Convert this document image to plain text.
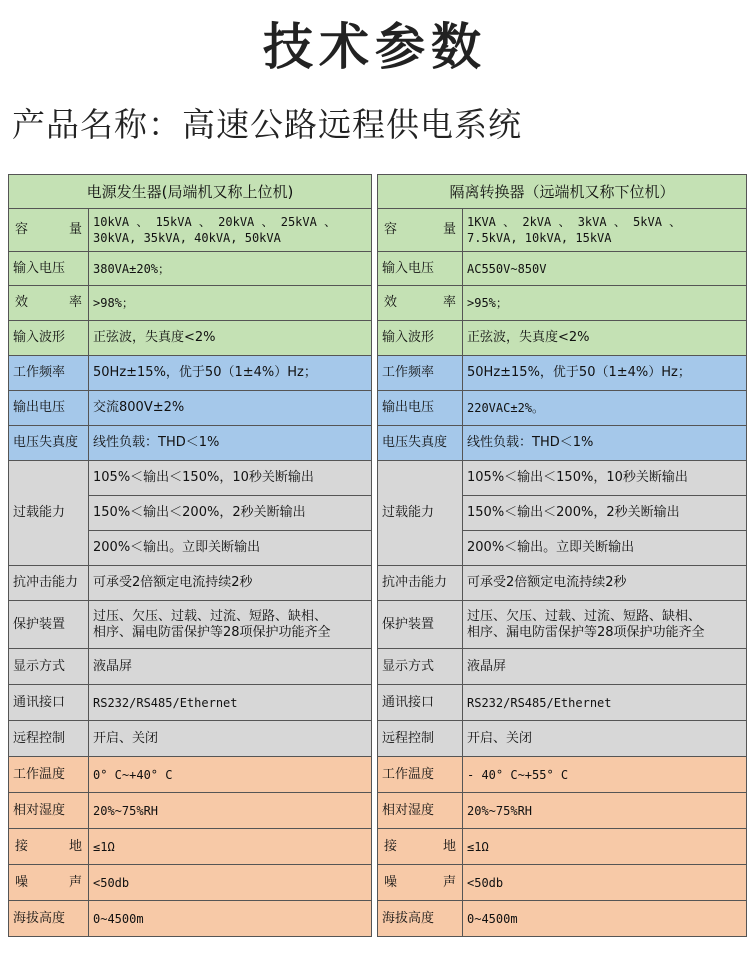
技术参数
产品名称：高速公路远程供电系统
电源发生器(局端机又称上位机)	
容　量	10kVA 、 15kVA 、 20kVA 、 25kVA 、
30kVA, 35kVA, 40kVA, 50kVA

输入电压	380VA±20%；
效　率	>98%；
输入波形	正弦波，失真度<2%
工作频率	50Hz±15%，优于50（1±4%）Hz；
输出电压	交流800V±2%
电压失真度	线性负载：THD＜1%
过载能力	105%＜输出＜150%，10秒关断输出
	150%＜输出＜200%，2秒关断输出
	200%＜输出。立即关断输出
抗冲击能力	可承受2倍额定电流持续2秒
保护装置	过压、欠压、过载、过流、短路、缺相、
相序、漏电防雷保护等28项保护功能齐全

显示方式	液晶屏
通讯接口	RS232/RS485/Ethernet
远程控制	开启、关闭
工作温度	0° C~+40° C
相对湿度	20%~75%RH
接　地	≤1Ω
噪　声	<50db
海拔高度	0~4500m
隔离转换器（远端机又称下位机）	
容　量	1KVA 、 2kVA 、 3kVA 、 5kVA 、
7.5kVA, 10kVA, 15kVA

输入电压	AC550V~850V
效　率	>95%；
输入波形	正弦波，失真度<2%
工作频率	50Hz±15%，优于50（1±4%）Hz；
输出电压	220VAC±2%。
电压失真度	线性负载：THD＜1%
过载能力	105%＜输出＜150%，10秒关断输出
	150%＜输出＜200%，2秒关断输出
	200%＜输出。立即关断输出
抗冲击能力	可承受2倍额定电流持续2秒
保护装置	过压、欠压、过载、过流、短路、缺相、
相序、漏电防雷保护等28项保护功能齐全

显示方式	液晶屏
通讯接口	RS232/RS485/Ethernet
远程控制	开启、关闭
工作温度	- 40° C~+55° C
相对湿度	20%~75%RH
接　地	≤1Ω
噪　声	<50db
海拔高度	0~4500m
